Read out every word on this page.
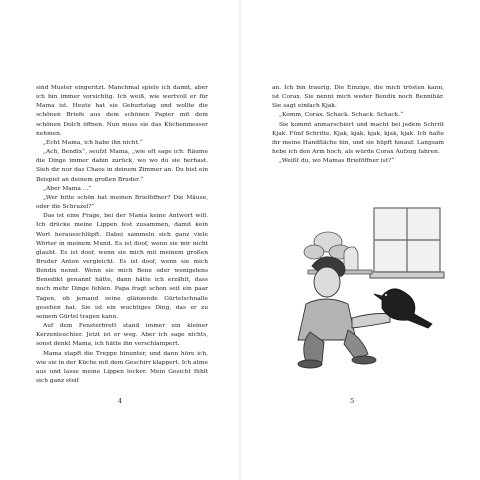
sind Muster eingeritzt. Manchmal spiele ich damit, aber ich bin immer vorsichtig. Ich weiß, wie wertvoll er für Mama ist. Heute hat sie Geburtstag und wollte die schönen Briefe aus dem schönen Papier mit dem schönen Dolch öffnen. Nun muss sie das Küchenmesser nehmen.

„Echt Mama, ich habe ihn nicht.“

„Ach, Bendix“, seufzt Mama, „wie oft sage ich: Räume die Dinge immer dahin zurück, wo wo du sie herhast. Sieh dir nur das Chaos in deinem Zimmer an. Du bist ein Beispiel an deinem großen Bruder.“

„Aber Mama …“

„Wer bitte schön hat meinen Brieföffner? Die Mäuse, oder die Schrazel?“

Das ist eine Frage, bei der Mama keine Antwort will. Ich drücke meine Lippen fest zusammen, damit kein Wort herausschlüpft. Dabei sammeln sich ganz viele Wörter in meinem Mund. Es ist doof, wenn sie mir nicht glaubt. Es ist doof, wenn sie mich mit meinem großen Bruder Anton vergleicht. Es ist doof, wenn sie mich Bendix nennt. Wenn sie mich Bene oder wenigstens Benedikt genannt hätte, dann hätte ich erzählt, dass noch mehr Dinge fehlen. Papa fragt schon seit ein paar Tagen, ob jemand seine glänzende Gürtelschnalle gesehen hat. Sie ist ein wuchtiges Ding, das er zu seinem Gürtel tragen kann.

Auf dem Fensterbrett stand immer ein kleiner Kerzenleuchter. Jetzt ist er weg. Aber ich sage nichts, sonst denkt Mama, ich hätte ihn verschlampert.

Mama stapft die Treppe hinunter, und dann höre ich, wie sie in der Küche mit dem Geschirr klappert. Ich atme aus und lasse meine Lippen locker. Mein Gesicht fühlt sich ganz steif

4

an. Ich bin traurig. Die Einzige, die mich trösten kann, ist Corax. Sie nennt mich weder Bendix noch Bennibär. Sie sagt einfach Kjak.

„Komm, Corax. Schack. Schack. Schack.“

Sie kommt anmarschiert und macht bei jedem Schritt Kjak. Fünf Schritte. Kjak, kjak, kjak, kjak, kjak. Ich halte ihr meine Handfläche hin, und sie hüpft hinauf. Langsam hebe ich den Arm hoch, als würde Corax Aufzug fahren.

„Weißt du, wo Mamas Brieföffner ist?“

5
